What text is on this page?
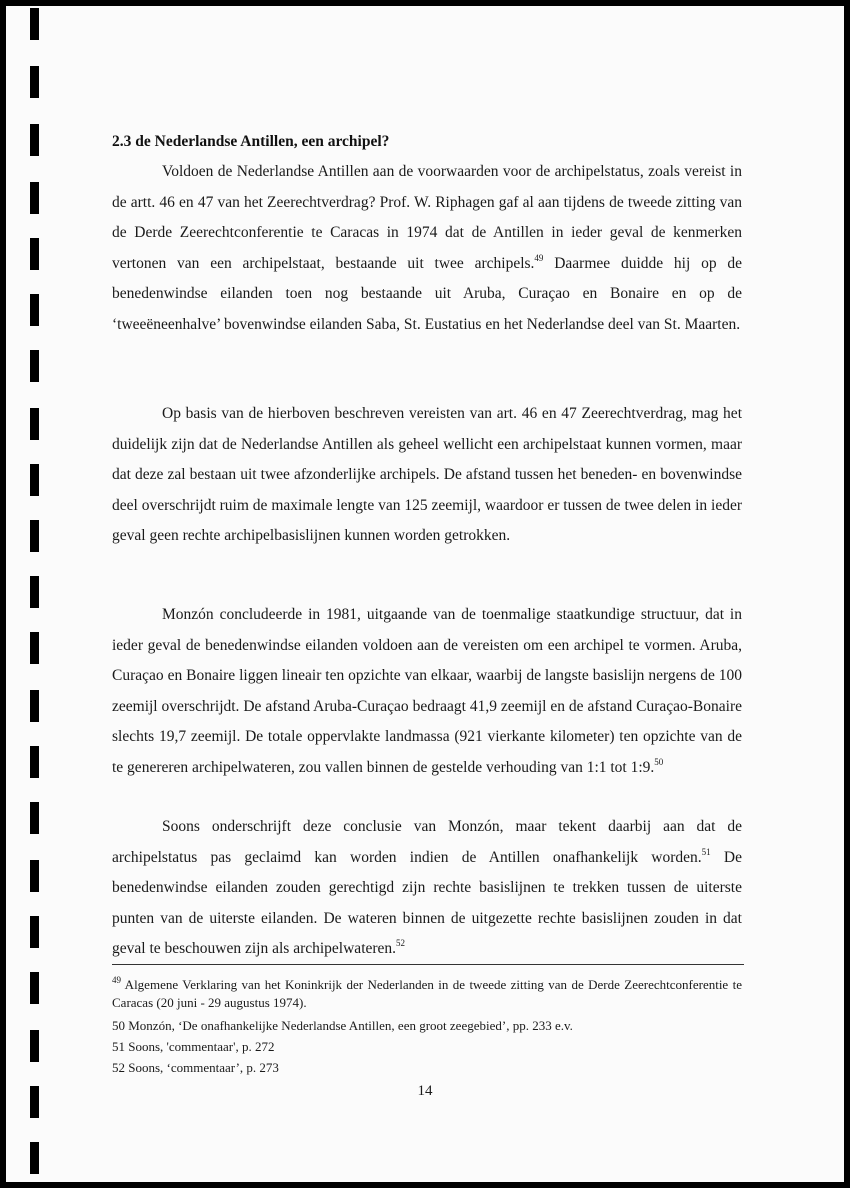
2.3 de Nederlandse Antillen, een archipel?

Voldoen de Nederlandse Antillen aan de voorwaarden voor de archipelstatus, zoals vereist in de artt. 46 en 47 van het Zeerechtverdrag? Prof. W. Riphagen gaf al aan tijdens de tweede zitting van de Derde Zeerechtconferentie te Caracas in 1974 dat de Antillen in ieder geval de kenmerken vertonen van een archipelstaat, bestaande uit twee archipels.$^{49}$ Daarmee duidde hij op de benedenwindse eilanden toen nog bestaande uit Aruba, Curaçao en Bonaire en op de ‘tweeëneenhalve’ bovenwindse eilanden Saba, St. Eustatius en het Nederlandse deel van St. Maarten.

Op basis van de hierboven beschreven vereisten van art. 46 en 47 Zeerechtverdrag, mag het duidelijk zijn dat de Nederlandse Antillen als geheel wellicht een archipelstaat kunnen vormen, maar dat deze zal bestaan uit twee afzonderlijke archipels. De afstand tussen het beneden- en bovenwindse deel overschrijdt ruim de maximale lengte van 125 zeemijl, waardoor er tussen de twee delen in ieder geval geen rechte archipelbasislijnen kunnen worden getrokken.

Monzón concludeerde in 1981, uitgaande van de toenmalige staatkundige structuur, dat in ieder geval de benedenwindse eilanden voldoen aan de vereisten om een archipel te vormen. Aruba, Curaçao en Bonaire liggen lineair ten opzichte van elkaar, waarbij de langste basislijn nergens de 100 zeemijl overschrijdt. De afstand Aruba-Curaçao bedraagt 41,9 zeemijl en de afstand Curaçao-Bonaire slechts 19,7 zeemijl. De totale oppervlakte landmassa (921 vierkante kilometer) ten opzichte van de te genereren archipelwateren, zou vallen binnen de gestelde verhouding van 1:1 tot 1:9.50

Soons onderschrijft deze conclusie van Monzón, maar tekent daarbij aan dat de archipelstatus pas geclaimd kan worden indien de Antillen onafhankelijk worden.$^{51}$ De benedenwindse eilanden zouden gerechtigd zijn rechte basislijnen te trekken tussen de uiterste punten van de uiterste eilanden. De wateren binnen de uitgezette rechte basislijnen zouden in dat geval te beschouwen zijn als archipelwateren.$^{52}$

$^{49}$ Algemene Verklaring van het Koninkrijk der Nederlanden in de tweede zitting van de Derde Zeerechtconferentie te Caracas (20 juni - 29 augustus 1974).

50 Monzón, ‘De onafhankelijke Nederlandse Antillen, een groot zeegebied’, pp. 233 e.v.

51 Soons, 'commentaar', p. 272

52 Soons, ‘commentaar’, p. 273

14
